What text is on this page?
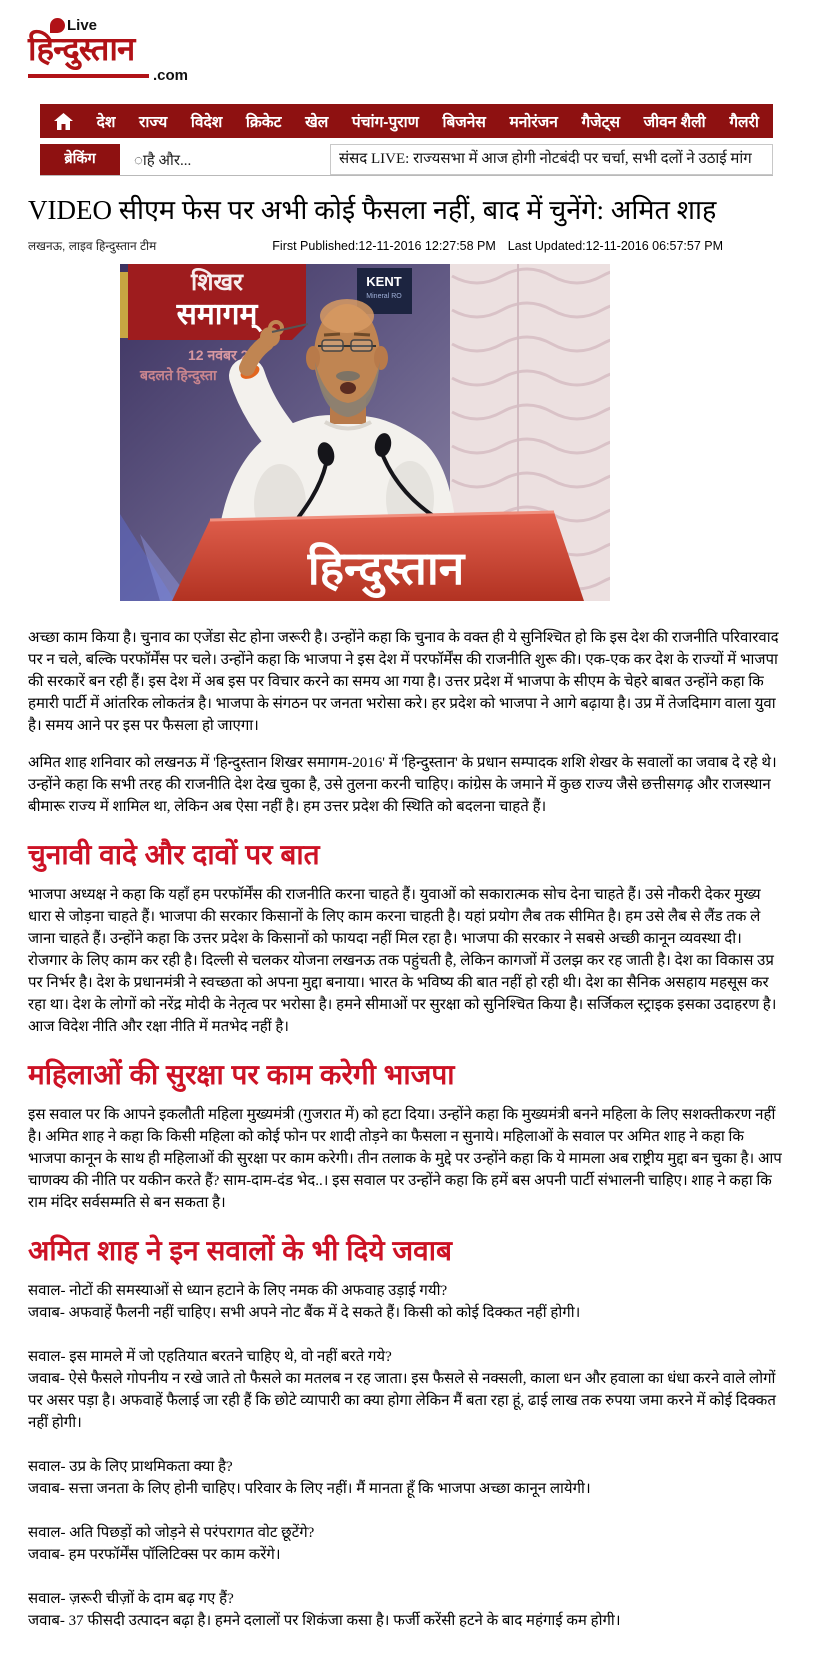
Live
हिन्दुस्तान
.com
देश राज्य विदेश क्रिकेट खेल पंचांग-पुराण बिजनेस मनोरंजन गैजेट्स जीवन शैली गैलरी
ब्रेकिंग	ाहै और...	संसद LIVE: राज्यसभा में आज होगी नोटबंदी पर चर्चा, सभी दलों ने उठाई मांग
VIDEO सीएम फेस पर अभी कोई फैसला नहीं, बाद में चुनेंगे: अमित शाह
लखनऊ, लाइव हिन्दुस्तान टीम	First Published:12-11-2016 12:27:58 PM Last Updated:12-11-2016 06:57:57 PM
शिखर
समागम्
12 नवंबर 20
बदलते हिन्दुस्ता
KENT
Mineral RO
हिन्दुस्तान

अच्छा काम किया है। चुनाव का एजेंडा सेट होना जरूरी है। उन्होंने कहा कि चुनाव के वक्त ही ये सुनिश्चित हो कि इस देश की राजनीति परिवारवाद पर न चले, बल्कि परफॉर्मेंस पर चले। उन्होंने कहा कि भाजपा ने इस देश में परफॉर्मेंस की राजनीति शुरू की। एक-एक कर देश के राज्यों में भाजपा की सरकारें बन रही हैं। इस देश में अब इस पर विचार करने का समय आ गया है। उत्तर प्रदेश में भाजपा के सीएम के चेहरे बाबत उन्होंने कहा कि हमारी पार्टी में आंतरिक लोकतंत्र है। भाजपा के संगठन पर जनता भरोसा करे। हर प्रदेश को भाजपा ने आगे बढ़ाया है। उप्र में तेजदिमाग वाला युवा है। समय आने पर इस पर फैसला हो जाएगा।

अमित शाह शनिवार को लखनऊ में 'हिन्दुस्तान शिखर समागम-2016' में 'हिन्दुस्तान' के प्रधान सम्पादक शशि शेखर के सवालों का जवाब दे रहे थे। उन्होंने कहा कि सभी तरह की राजनीति देश देख चुका है, उसे तुलना करनी चाहिए। कांग्रेस के जमाने में कुछ राज्य जैसे छत्तीसगढ़ और राजस्थान बीमारू राज्य में शामिल था, लेकिन अब ऐसा नहीं है। हम उत्तर प्रदेश की स्थिति को बदलना चाहते हैं।

चुनावी वादे और दावों पर बात

भाजपा अध्यक्ष ने कहा कि यहाँ हम परफॉर्मेंस की राजनीति करना चाहते हैं। युवाओं को सकारात्मक सोच देना चाहते हैं। उसे नौकरी देकर मुख्य धारा से जोड़ना चाहते हैं। भाजपा की सरकार किसानों के लिए काम करना चाहती है। यहां प्रयोग लैब तक सीमित है। हम उसे लैब से लैंड तक ले जाना चाहते हैं। उन्होंने कहा कि उत्तर प्रदेश के किसानों को फायदा नहीं मिल रहा है। भाजपा की सरकार ने सबसे अच्छी कानून व्यवस्था दी। रोजगार के लिए काम कर रही है। दिल्ली से चलकर योजना लखनऊ तक पहुंचती है, लेकिन कागजों में उलझ कर रह जाती है। देश का विकास उप्र पर निर्भर है। देश के प्रधानमंत्री ने स्वच्छता को अपना मुद्दा बनाया। भारत के भविष्य की बात नहीं हो रही थी। देश का सैनिक असहाय महसूस कर रहा था। देश के लोगों को नरेंद्र मोदी के नेतृत्व पर भरोसा है। हमने सीमाओं पर सुरक्षा को सुनिश्चित किया है। सर्जिकल स्ट्राइक इसका उदाहरण है। आज विदेश नीति और रक्षा नीति में मतभेद नहीं है।

महिलाओं की सुरक्षा पर काम करेगी भाजपा

इस सवाल पर कि आपने इकलौती महिला मुख्यमंत्री (गुजरात में) को हटा दिया। उन्होंने कहा कि मुख्यमंत्री बनने महिला के लिए सशक्तीकरण नहीं है। अमित शाह ने कहा कि किसी महिला को कोई फोन पर शादी तोड़ने का फैसला न सुनाये। महिलाओं के सवाल पर अमित शाह ने कहा कि भाजपा कानून के साथ ही महिलाओं की सुरक्षा पर काम करेगी। तीन तलाक के मुद्दे पर उन्होंने कहा कि ये मामला अब राष्ट्रीय मुद्दा बन चुका है। आप चाणक्य की नीति पर यकीन करते हैं? साम-दाम-दंड भेद..। इस सवाल पर उन्होंने कहा कि हमें बस अपनी पार्टी संभालनी चाहिए। शाह ने कहा कि राम मंदिर सर्वसम्मति से बन सकता है।

अमित शाह ने इन सवालों के भी दिये जवाब

सवाल- नोटों की समस्याओं से ध्यान हटाने के लिए नमक की अफवाह उड़ाई गयी?

जवाब- अफवाहें फैलनी नहीं चाहिए। सभी अपने नोट बैंक में दे सकते हैं। किसी को कोई दिक्कत नहीं होगी।

सवाल- इस मामले में जो एहतियात बरतने चाहिए थे, वो नहीं बरते गये?

जवाब- ऐसे फैसले गोपनीय न रखे जाते तो फैसले का मतलब न रह जाता। इस फैसले से नक्सली, काला धन और हवाला का धंधा करने वाले लोगों पर असर पड़ा है। अफवाहें फैलाई जा रही हैं कि छोटे व्यापारी का क्या होगा लेकिन मैं बता रहा हूं, ढाई लाख तक रुपया जमा करने में कोई दिक्कत नहीं होगी।

सवाल- उप्र के लिए प्राथमिकता क्या है?

जवाब- सत्ता जनता के लिए होनी चाहिए। परिवार के लिए नहीं। मैं मानता हूँ कि भाजपा अच्छा कानून लायेगी।

सवाल- अति पिछड़ों को जोड़ने से परंपरागत वोट छूटेंगे?

जवाब- हम परफॉर्मेंस पॉलिटिक्स पर काम करेंगे।

सवाल- ज़रूरी चीज़ों के दाम बढ़ गए हैं?

जवाब- 37 फीसदी उत्पादन बढ़ा है। हमने दलालों पर शिकंजा कसा है। फर्जी करेंसी हटने के बाद महंगाई कम होगी।
